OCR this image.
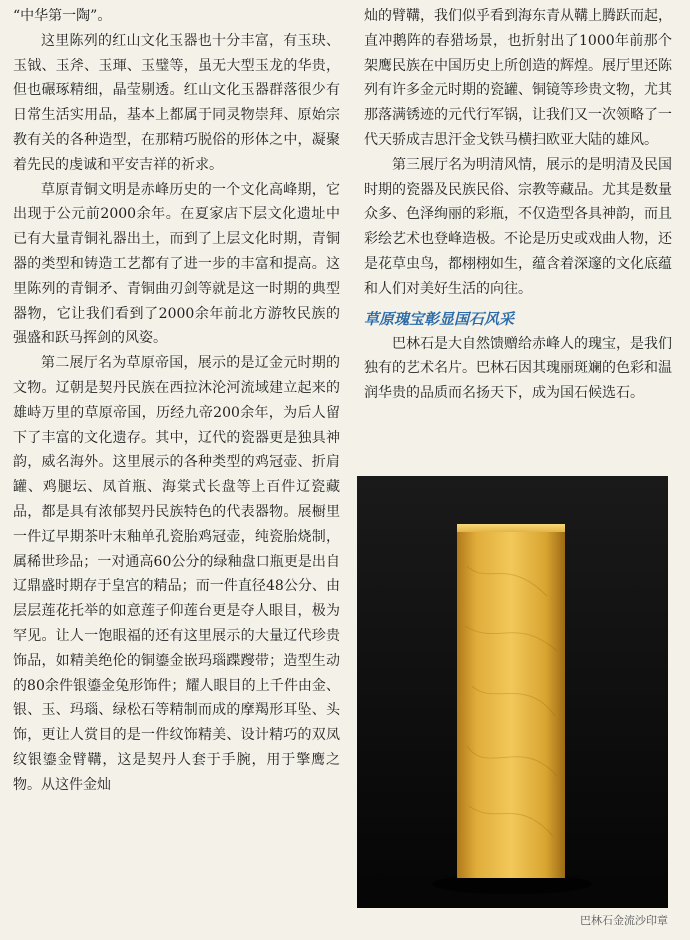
“中华第一陶”。

这里陈列的红山文化玉器也十分丰富，有玉玦、玉钺、玉斧、玉琿、玉璧等，虽无大型玉龙的华贵，但也碾琢精细，晶莹剔透。红山文化玉器群落很少有日常生活实用品，基本上都属于同灵物崇拜、原始宗教有关的各种造型，在那精巧脱俗的形体之中，凝聚着先民的虔诚和平安吉祥的祈求。

草原青铜文明是赤峰历史的一个文化高峰期，它出现于公元前2000余年。在夏家店下层文化遗址中已有大量青铜礼器出土，而到了上层文化时期，青铜器的类型和铸造工艺都有了进一步的丰富和提高。这里陈列的青铜矛、青铜曲刃剑等就是这一时期的典型器物，它让我们看到了2000余年前北方游牧民族的强盛和跃马挥剑的风姿。

第二展厅名为草原帝国，展示的是辽金元时期的文物。辽朝是契丹民族在西拉沐沦河流域建立起来的雄峙万里的草原帝国，历经九帝200余年，为后人留下了丰富的文化遗存。其中，辽代的瓷器更是独具神韵，威名海外。这里展示的各种类型的鸡冠壶、折肩罐、鸡腿坛、凤首瓶、海棠式长盘等上百件辽瓷藏品，都是具有浓郁契丹民族特色的代表器物。展橱里一件辽早期茶叶末釉单孔瓷胎鸡冠壶，纯瓷胎烧制，属稀世珍品；一对通高60公分的绿釉盘口瓶更是出自辽鼎盛时期存于皇宫的精品；而一件直径48公分、由层层莲花托举的如意莲子仰莲台更是夺人眼目，极为罕见。让人一饱眼福的还有这里展示的大量辽代珍贵饰品，如精美绝伦的铜鎏金嵌玛瑙蹀躞带；造型生动的80余件银鎏金兔形饰件；耀人眼目的上千件由金、银、玉、玛瑙、绿松石等精制而成的摩羯形耳坠、头饰，更让人赏目的是一件纹饰精美、设计精巧的双凤纹银鎏金臂鞲，这是契丹人套于手腕，用于擎鹰之物。从这件金灿

灿的臂鞲，我们似乎看到海东青从鞲上腾跃而起，直冲鹅阵的春猎场景，也折射出了1000年前那个架鹰民族在中国历史上所创造的辉煌。展厅里还陈列有许多金元时期的瓷罐、铜镜等珍贵文物，尤其那落满锈迹的元代行军锅，让我们又一次领略了一代天骄成吉思汗金戈铁马横扫欧亚大陆的雄风。

第三展厅名为明清风情，展示的是明清及民国时期的瓷器及民族民俗、宗教等藏品。尤其是数量众多、色泽绚丽的彩瓶，不仅造型各具神韵，而且彩绘艺术也登峰造极。不论是历史或戏曲人物，还是花草虫鸟，都栩栩如生，蕴含着深邃的文化底蕴和人们对美好生活的向往。

草原瑰宝彰显国石风采

巴林石是大自然馈赠给赤峰人的瑰宝，是我们独有的艺术名片。巴林石因其瑰丽斑斓的色彩和温润华贵的品质而名扬天下，成为国石候选石。

巴林石金流沙印章
